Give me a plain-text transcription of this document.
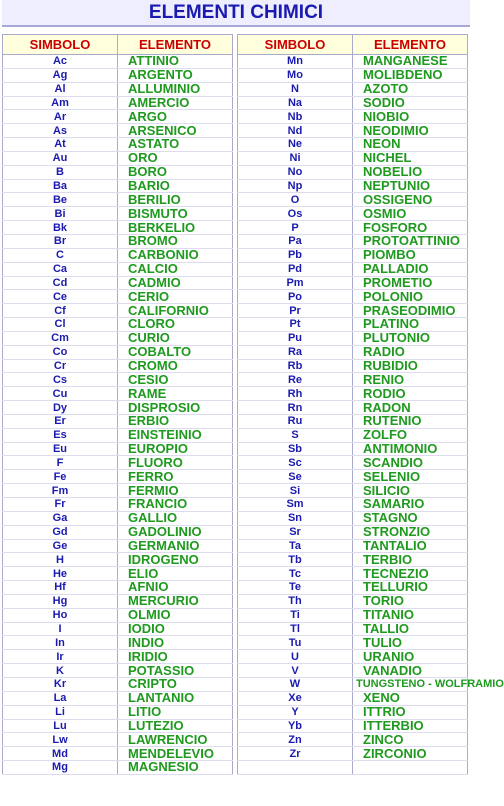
ELEMENTI CHIMICI
SIMBOLO	ELEMENTO
Ac	ATTINIO
Ag	ARGENTO
Al	ALLUMINIO
Am	AMERCIO
Ar	ARGO
As	ARSENICO
At	ASTATO
Au	ORO
B	BORO
Ba	BARIO
Be	BERILIO
Bi	BISMUTO
Bk	BERKELIO
Br	BROMO
C	CARBONIO
Ca	CALCIO
Cd	CADMIO
Ce	CERIO
Cf	CALIFORNIO
Cl	CLORO
Cm	CURIO
Co	COBALTO
Cr	CROMO
Cs	CESIO
Cu	RAME
Dy	DISPROSIO
Er	ERBIO
Es	EINSTEINIO
Eu	EUROPIO
F	FLUORO
Fe	FERRO
Fm	FERMIO
Fr	FRANCIO
Ga	GALLIO
Gd	GADOLINIO
Ge	GERMANIO
H	IDROGENO
He	ELIO
Hf	AFNIO
Hg	MERCURIO
Ho	OLMIO
I	IODIO
In	INDIO
Ir	IRIDIO
K	POTASSIO
Kr	CRIPTO
La	LANTANIO
Li	LITIO
Lu	LUTEZIO
Lw	LAWRENCIO
Md	MENDELEVIO
Mg	MAGNESIO
SIMBOLO	ELEMENTO
Mn	MANGANESE
Mo	MOLIBDENO
N	AZOTO
Na	SODIO
Nb	NIOBIO
Nd	NEODIMIO
Ne	NEON
Ni	NICHEL
No	NOBELIO
Np	NEPTUNIO
O	OSSIGENO
Os	OSMIO
P	FOSFORO
Pa	PROTOATTINIO
Pb	PIOMBO
Pd	PALLADIO
Pm	PROMETIO
Po	POLONIO
Pr	PRASEODIMIO
Pt	PLATINO
Pu	PLUTONIO
Ra	RADIO
Rb	RUBIDIO
Re	RENIO
Rh	RODIO
Rn	RADON
Ru	RUTENIO
S	ZOLFO
Sb	ANTIMONIO
Sc	SCANDIO
Se	SELENIO
Si	SILICIO
Sm	SAMARIO
Sn	STAGNO
Sr	STRONZIO
Ta	TANTALIO
Tb	TERBIO
Tc	TECNEZIO
Te	TELLURIO
Th	TORIO
Ti	TITANIO
Tl	TALLIO
Tu	TULIO
U	URANIO
V	VANADIO
W	TUNGSTENO - WOLFRAMIO
Xe	XENO
Y	ITTRIO
Yb	ITTERBIO
Zn	ZINCO
Zr	ZIRCONIO
